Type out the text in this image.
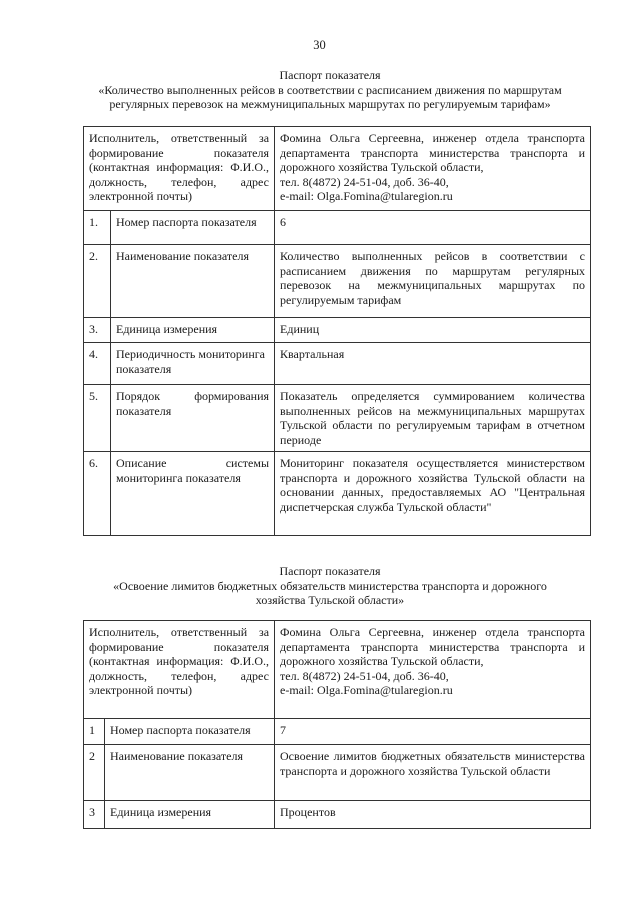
30
Паспорт показателя
«Количество выполненных рейсов в соответствии с расписанием движения по маршрутам
регулярных перевозок на межмуниципальных маршрутах по регулируемым тарифам»
Исполнитель, ответственный за формирование показателя (контактная информация: Ф.И.О., должность, телефон, адрес электронной почты)		Фомина Ольга Сергеевна, инженер отдела транспорта департамента транспорта министерства транспорта и дорожного хозяйства Тульской области,
тел. 8(4872) 24-51-04, доб. 36-40,
e-mail: Olga.Fomina@tularegion.ru

1.	Номер паспорта показателя	6
2.	Наименование показателя	Количество выполненных рейсов в соответствии с расписанием движения по маршрутам регулярных перевозок на межмуниципальных маршрутах по регулируемым тарифам
3.	Единица измерения	Единиц
4.	Периодичность мониторинга показателя	Квартальная
5.	Порядок формирования показателя	Показатель определяется суммированием количества выполненных рейсов на межмуниципальных маршрутах Тульской области по регулируемым тарифам в отчетном периоде
6.	Описание системы мониторинга показателя	Мониторинг показателя осуществляется министерством транспорта и дорожного хозяйства Тульской области на основании данных, предоставляемых АО "Центральная диспетчерская служба Тульской области"
Паспорт показателя
«Освоение лимитов бюджетных обязательств министерства транспорта и дорожного
хозяйства Тульской области»
Исполнитель, ответственный за формирование показателя (контактная информация: Ф.И.О., должность, телефон, адрес электронной почты)		Фомина Ольга Сергеевна, инженер отдела транспорта департамента транспорта министерства транспорта и дорожного хозяйства Тульской области,
тел. 8(4872) 24-51-04, доб. 36-40,
e-mail: Olga.Fomina@tularegion.ru

1	Номер паспорта показателя	7
2	Наименование показателя	Освоение лимитов бюджетных обязательств министерства транспорта и дорожного хозяйства Тульской области
3	Единица измерения	Процентов
